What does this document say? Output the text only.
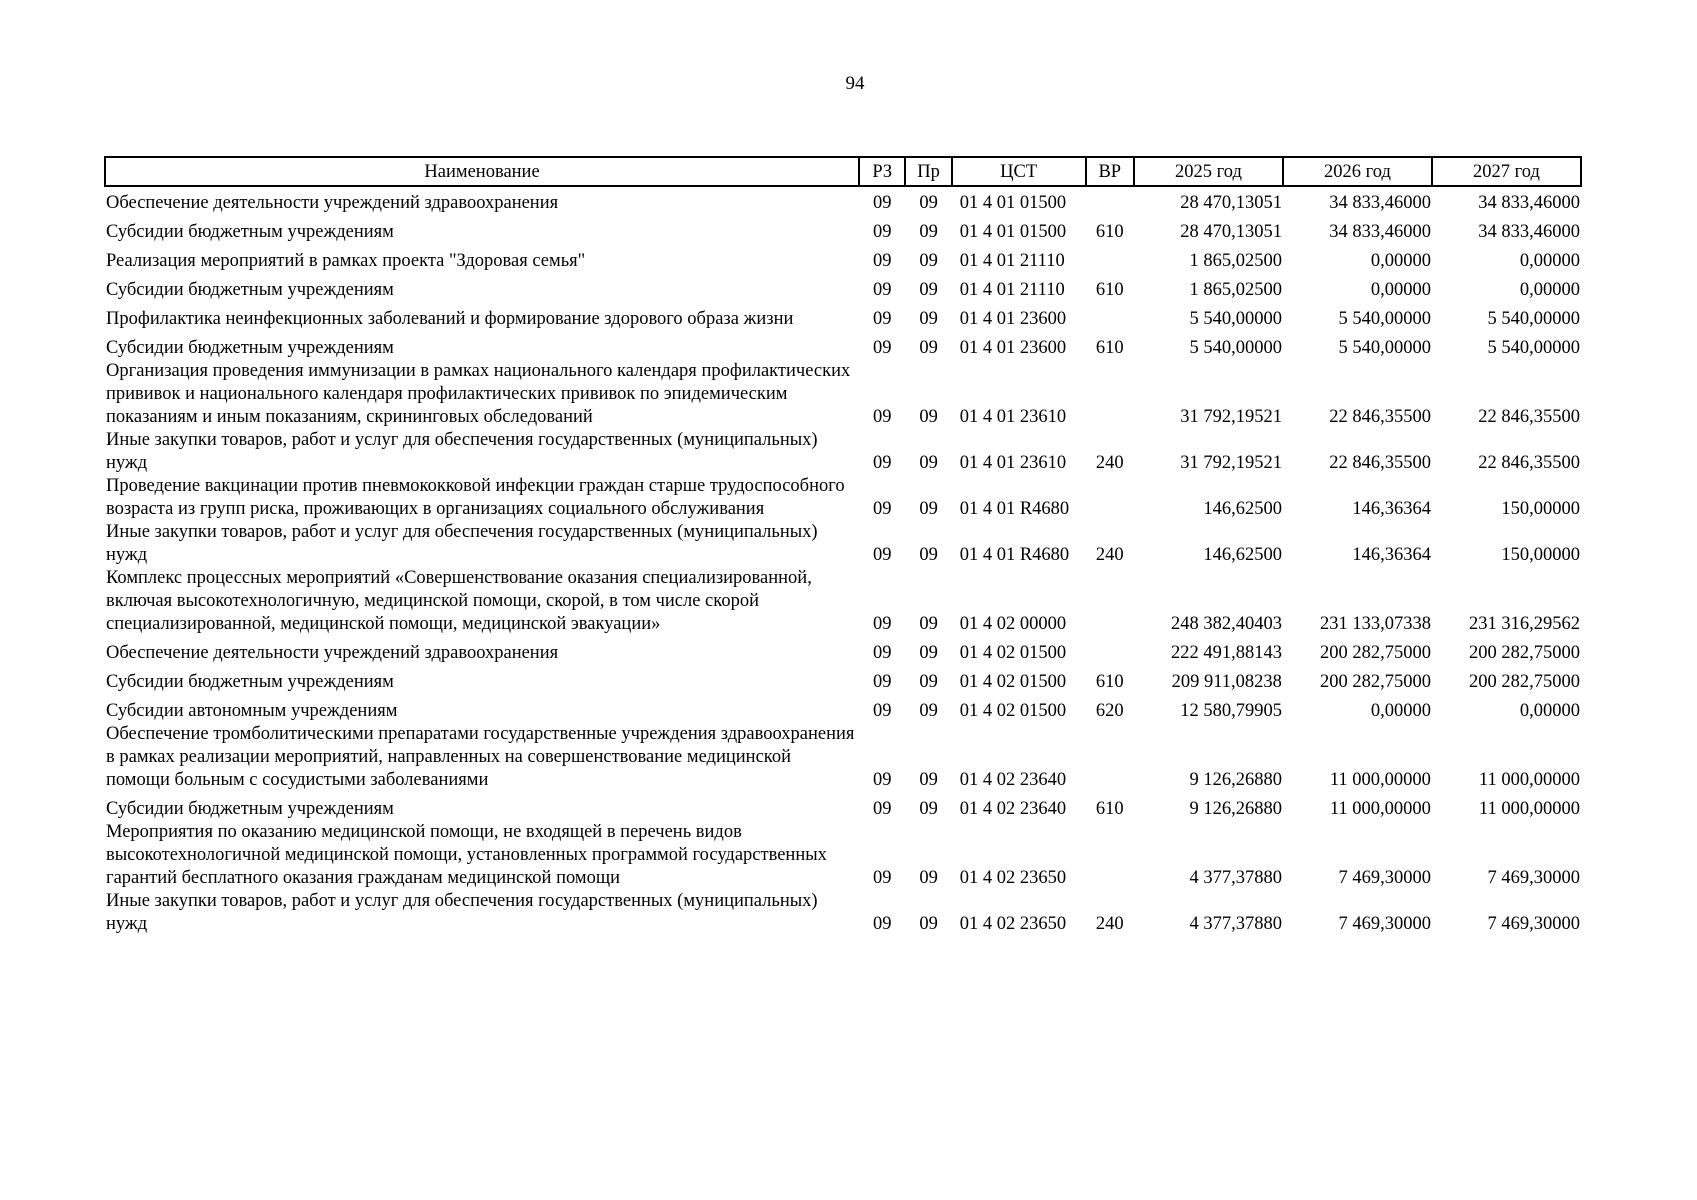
94
Наименование	РЗ	Пр	ЦСТ	ВР	2025 год	2026 год	2027 год
Обеспечение деятельности учреждений здравоохранения	09	09	01 4 01 01500		28 470,13051	34 833,46000	34 833,46000
Субсидии бюджетным учреждениям	09	09	01 4 01 01500	610	28 470,13051	34 833,46000	34 833,46000
Реализация мероприятий в рамках проекта "Здоровая семья"	09	09	01 4 01 21110		1 865,02500	0,00000	0,00000
Субсидии бюджетным учреждениям	09	09	01 4 01 21110	610	1 865,02500	0,00000	0,00000
Профилактика неинфекционных заболеваний и формирование здорового образа жизни	09	09	01 4 01 23600		5 540,00000	5 540,00000	5 540,00000
Субсидии бюджетным учреждениям	09	09	01 4 01 23600	610	5 540,00000	5 540,00000	5 540,00000
Организация проведения иммунизации в рамках национального календаря профилактических прививок и национального календаря профилактических прививок по эпидемическим показаниям и иным показаниям, скрининговых обследований	09	09	01 4 01 23610		31 792,19521	22 846,35500	22 846,35500
Иные закупки товаров, работ и услуг для обеспечения государственных (муниципальных) нужд	09	09	01 4 01 23610	240	31 792,19521	22 846,35500	22 846,35500
Проведение вакцинации против пневмококковой инфекции граждан старше трудоспособного возраста из групп риска, проживающих в организациях социального обслуживания	09	09	01 4 01 R4680		146,62500	146,36364	150,00000
Иные закупки товаров, работ и услуг для обеспечения государственных (муниципальных) нужд	09	09	01 4 01 R4680	240	146,62500	146,36364	150,00000
Комплекс процессных мероприятий «Совершенствование оказания специализированной, включая высокотехнологичную, медицинской помощи, скорой, в том числе скорой специализированной, медицинской помощи, медицинской эвакуации»	09	09	01 4 02 00000		248 382,40403	231 133,07338	231 316,29562
Обеспечение деятельности учреждений здравоохранения	09	09	01 4 02 01500		222 491,88143	200 282,75000	200 282,75000
Субсидии бюджетным учреждениям	09	09	01 4 02 01500	610	209 911,08238	200 282,75000	200 282,75000
Субсидии автономным учреждениям	09	09	01 4 02 01500	620	12 580,79905	0,00000	0,00000
Обеспечение тромболитическими препаратами государственные учреждения здравоохранения в рамках реализации мероприятий, направленных на совершенствование медицинской помощи больным с сосудистыми заболеваниями	09	09	01 4 02 23640		9 126,26880	11 000,00000	11 000,00000
Субсидии бюджетным учреждениям	09	09	01 4 02 23640	610	9 126,26880	11 000,00000	11 000,00000
Мероприятия по оказанию медицинской помощи, не входящей в перечень видов высокотехнологичной медицинской помощи, установленных программой государственных гарантий бесплатного оказания гражданам медицинской помощи	09	09	01 4 02 23650		4 377,37880	7 469,30000	7 469,30000
Иные закупки товаров, работ и услуг для обеспечения государственных (муниципальных) нужд	09	09	01 4 02 23650	240	4 377,37880	7 469,30000	7 469,30000
